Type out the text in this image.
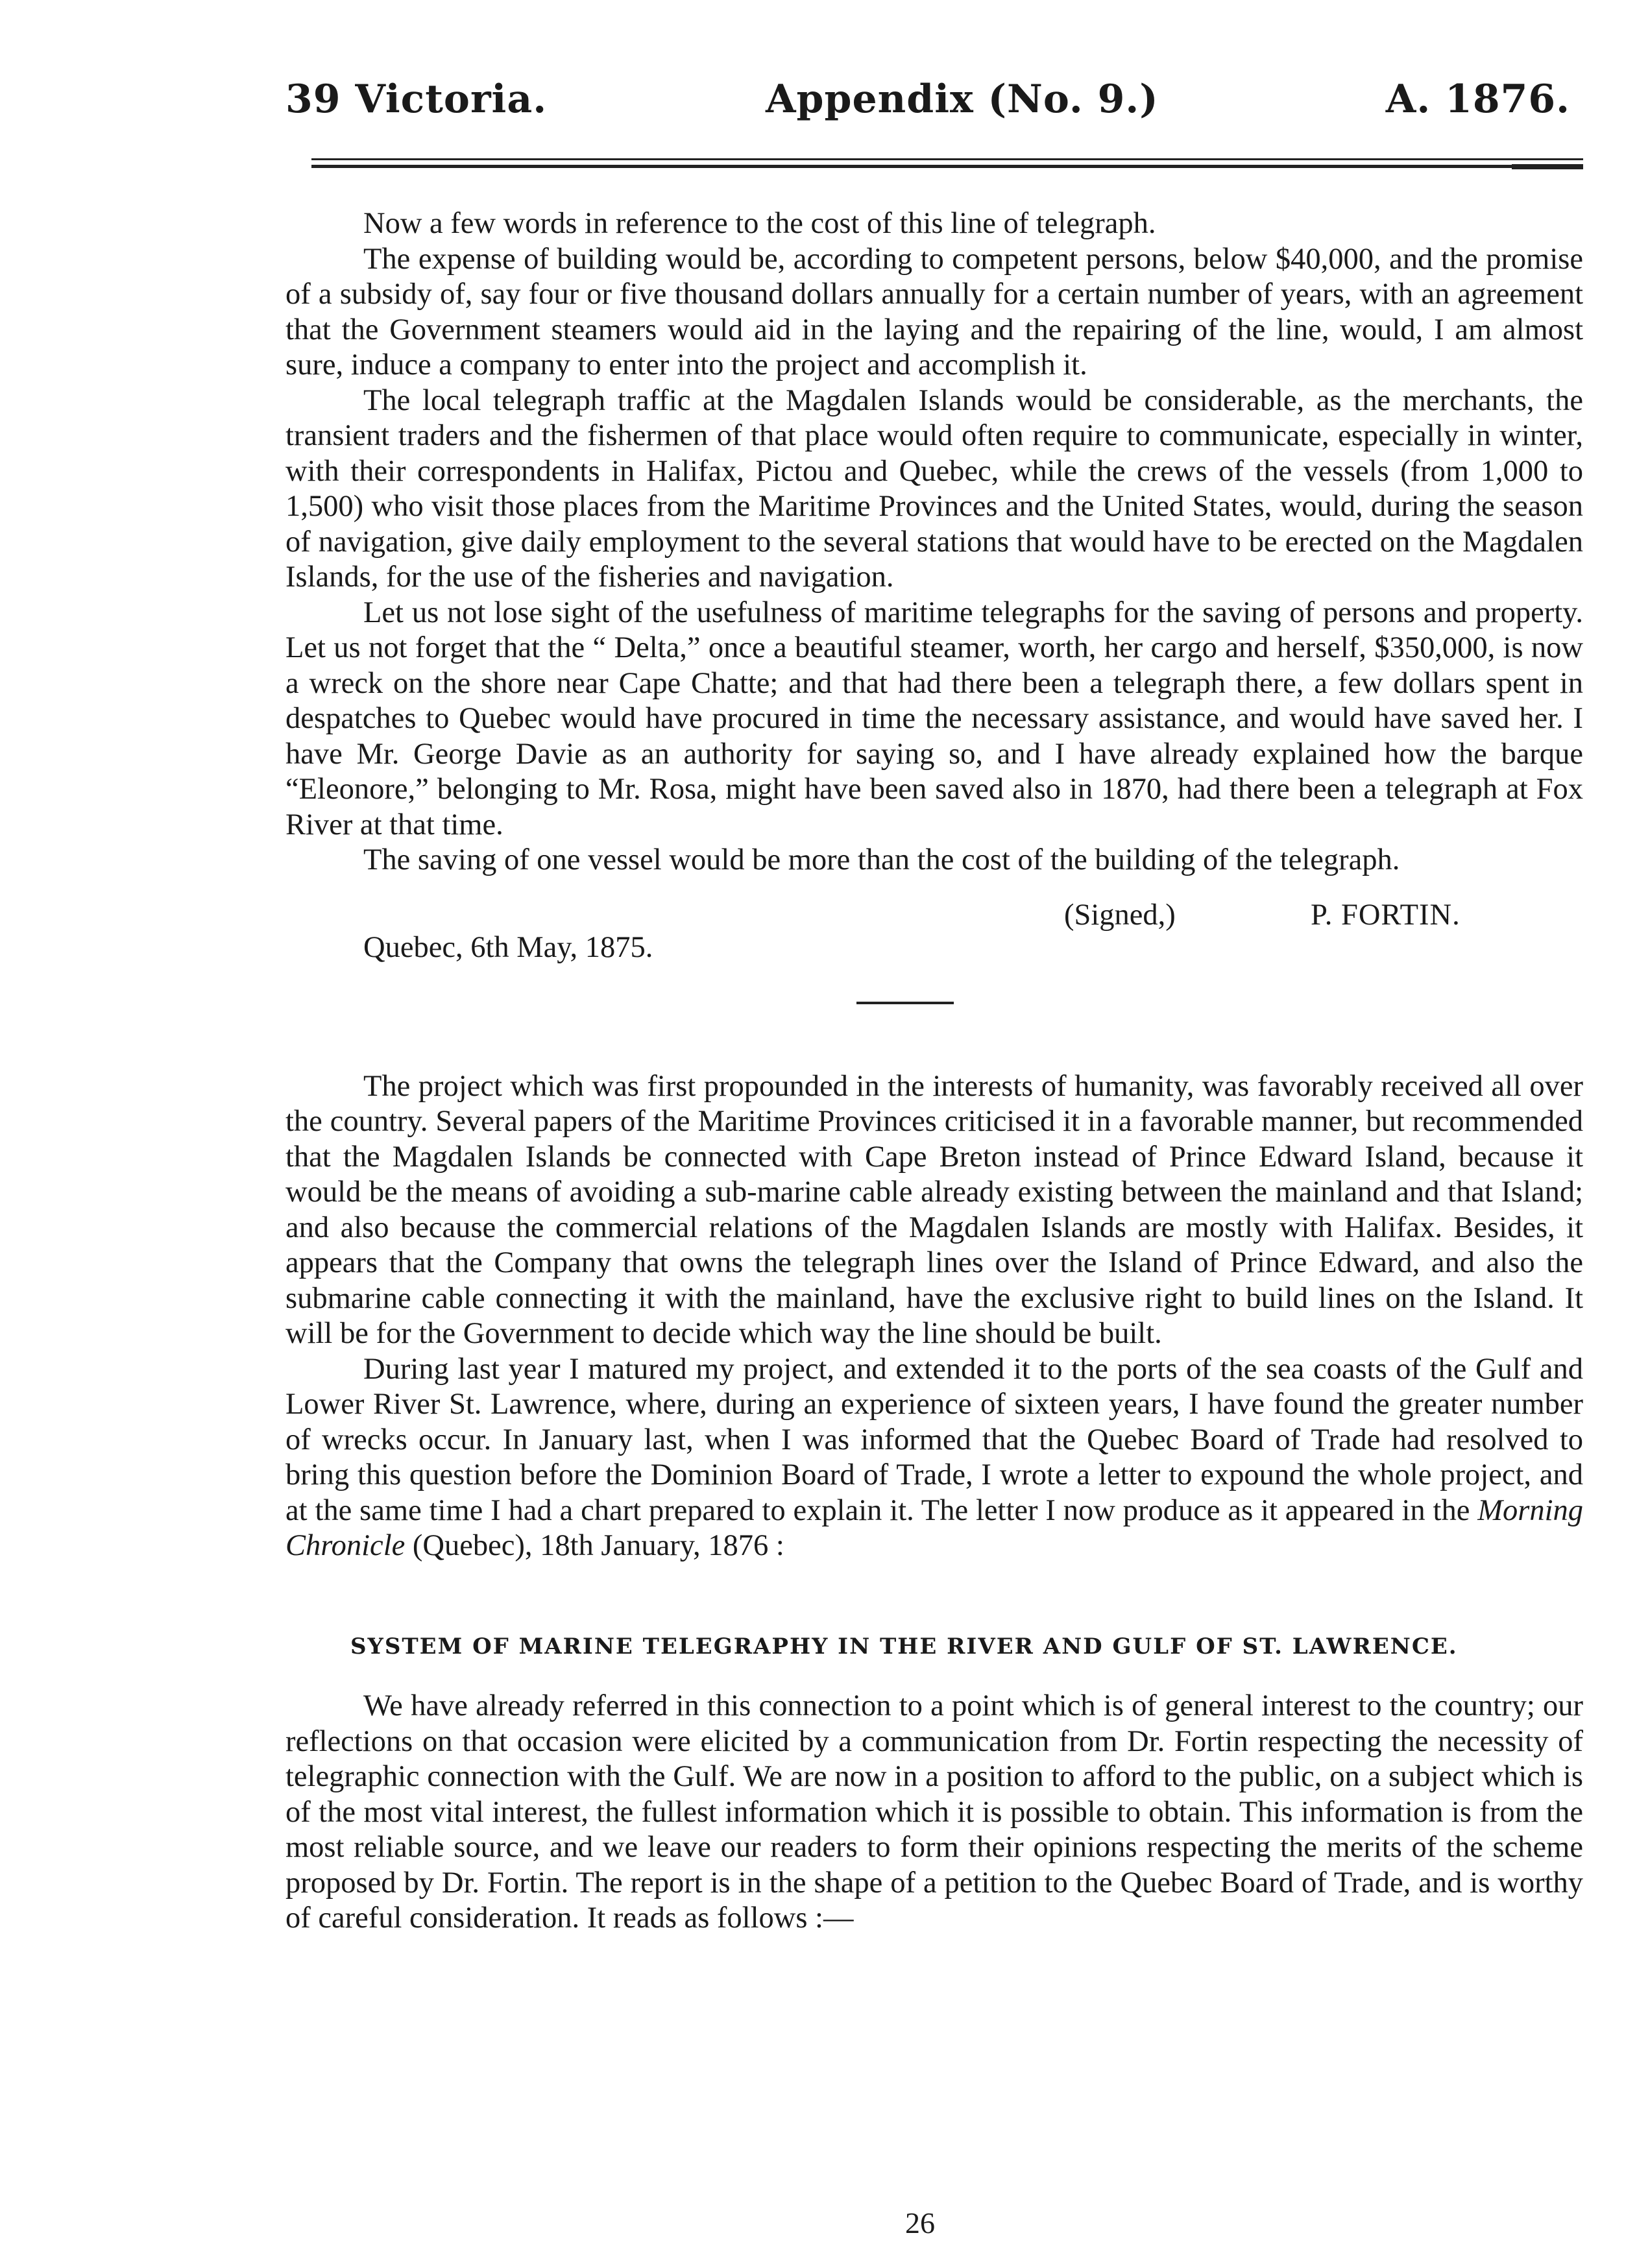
39 Victoria.	Appendix (No. 9.)	A. 1876.

Now a few words in reference to the cost of this line of telegraph.

The expense of building would be, according to competent persons, below $40,000, and the promise of a subsidy of, say four or five thousand dollars annually for a certain number of years, with an agreement that the Government steamers would aid in the laying and the repairing of the line, would, I am almost sure, induce a company to enter into the project and accomplish it.

The local telegraph traffic at the Magdalen Islands would be considerable, as the merchants, the transient traders and the fishermen of that place would often require to communicate, especially in winter, with their correspondents in Halifax, Pictou and Quebec, while the crews of the vessels (from 1,000 to 1,500) who visit those places from the Maritime Provinces and the United States, would, during the season of navigation, give daily employment to the several stations that would have to be erected on the Magdalen Islands, for the use of the fisheries and navigation.

Let us not lose sight of the usefulness of maritime telegraphs for the saving of persons and property. Let us not forget that the “ Delta,” once a beautiful steamer, worth, her cargo and herself, $350,000, is now a wreck on the shore near Cape Chatte; and that had there been a telegraph there, a few dollars spent in despatches to Quebec would have procured in time the necessary assistance, and would have saved her. I have Mr. George Davie as an authority for saying so, and I have already explained how the barque “Eleonore,” belonging to Mr. Rosa, might have been saved also in 1870, had there been a telegraph at Fox River at that time.

The saving of one vessel would be more than the cost of the building of the telegraph.

(Signed,)	P. FORTIN.
Quebec, 6th May, 1875.

The project which was first propounded in the interests of humanity, was favorably received all over the country. Several papers of the Maritime Provinces criticised it in a favorable manner, but recommended that the Magdalen Islands be connected with Cape Breton instead of Prince Edward Island, because it would be the means of avoiding a sub-marine cable already existing between the mainland and that Island; and also because the commercial relations of the Magdalen Islands are mostly with Halifax. Besides, it appears that the Company that owns the telegraph lines over the Island of Prince Edward, and also the submarine cable connecting it with the mainland, have the exclusive right to build lines on the Island. It will be for the Government to decide which way the line should be built.

During last year I matured my project, and extended it to the ports of the sea coasts of the Gulf and Lower River St. Lawrence, where, during an experience of sixteen years, I have found the greater number of wrecks occur. In January last, when I was informed that the Quebec Board of Trade had resolved to bring this question before the Dominion Board of Trade, I wrote a letter to expound the whole project, and at the same time I had a chart prepared to explain it. The letter I now produce as it appeared in the Morning Chronicle (Quebec), 18th January, 1876 :

SYSTEM OF MARINE TELEGRAPHY IN THE RIVER AND GULF OF ST. LAWRENCE.

We have already referred in this connection to a point which is of general interest to the country; our reflections on that occasion were elicited by a communication from Dr. Fortin respecting the necessity of telegraphic connection with the Gulf. We are now in a position to afford to the public, on a subject which is of the most vital interest, the fullest information which it is possible to obtain. This information is from the most reliable source, and we leave our readers to form their opinions respecting the merits of the scheme proposed by Dr. Fortin. The report is in the shape of a petition to the Quebec Board of Trade, and is worthy of careful consideration. It reads as follows :—

26
